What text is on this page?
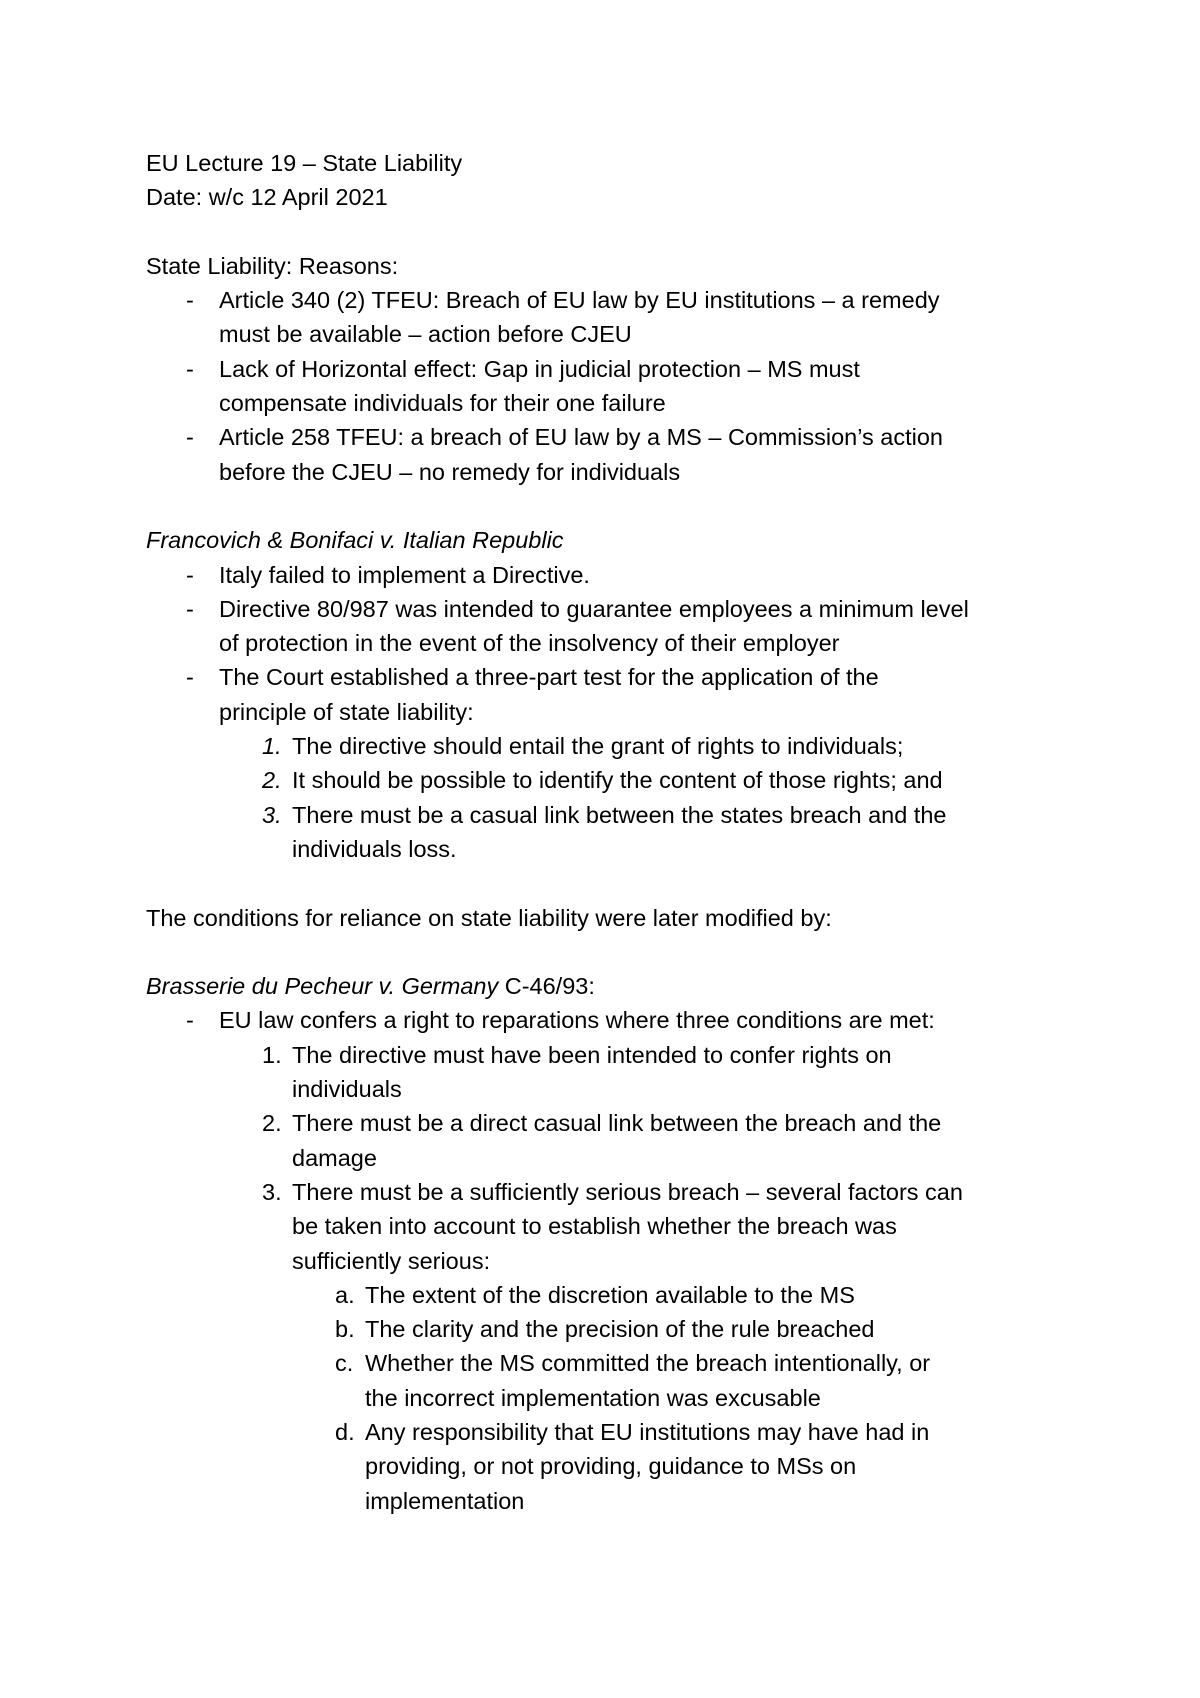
EU Lecture 19 – State Liability

Date: w/c 12 April 2021

State Liability: Reasons:

- Article 340 (2) TFEU: Breach of EU law by EU institutions – a remedy

must be available – action before CJEU

- Lack of Horizontal effect: Gap in judicial protection – MS must

compensate individuals for their one failure

- Article 258 TFEU: a breach of EU law by a MS – Commission’s action

before the CJEU – no remedy for individuals

Francovich & Bonifaci v. Italian Republic

- Italy failed to implement a Directive.

- Directive 80/987 was intended to guarantee employees a minimum level

of protection in the event of the insolvency of their employer

- The Court established a three-part test for the application of the

principle of state liability:

1. The directive should entail the grant of rights to individuals;

2. It should be possible to identify the content of those rights; and

3. There must be a casual link between the states breach and the

individuals loss.

The conditions for reliance on state liability were later modified by:

Brasserie du Pecheur v. Germany C-46/93:

- EU law confers a right to reparations where three conditions are met:

1. The directive must have been intended to confer rights on

individuals

2. There must be a direct casual link between the breach and the

damage

3. There must be a sufficiently serious breach – several factors can

be taken into account to establish whether the breach was

sufficiently serious:

a. The extent of the discretion available to the MS

b. The clarity and the precision of the rule breached

c. Whether the MS committed the breach intentionally, or

the incorrect implementation was excusable

d. Any responsibility that EU institutions may have had in

providing, or not providing, guidance to MSs on

implementation
